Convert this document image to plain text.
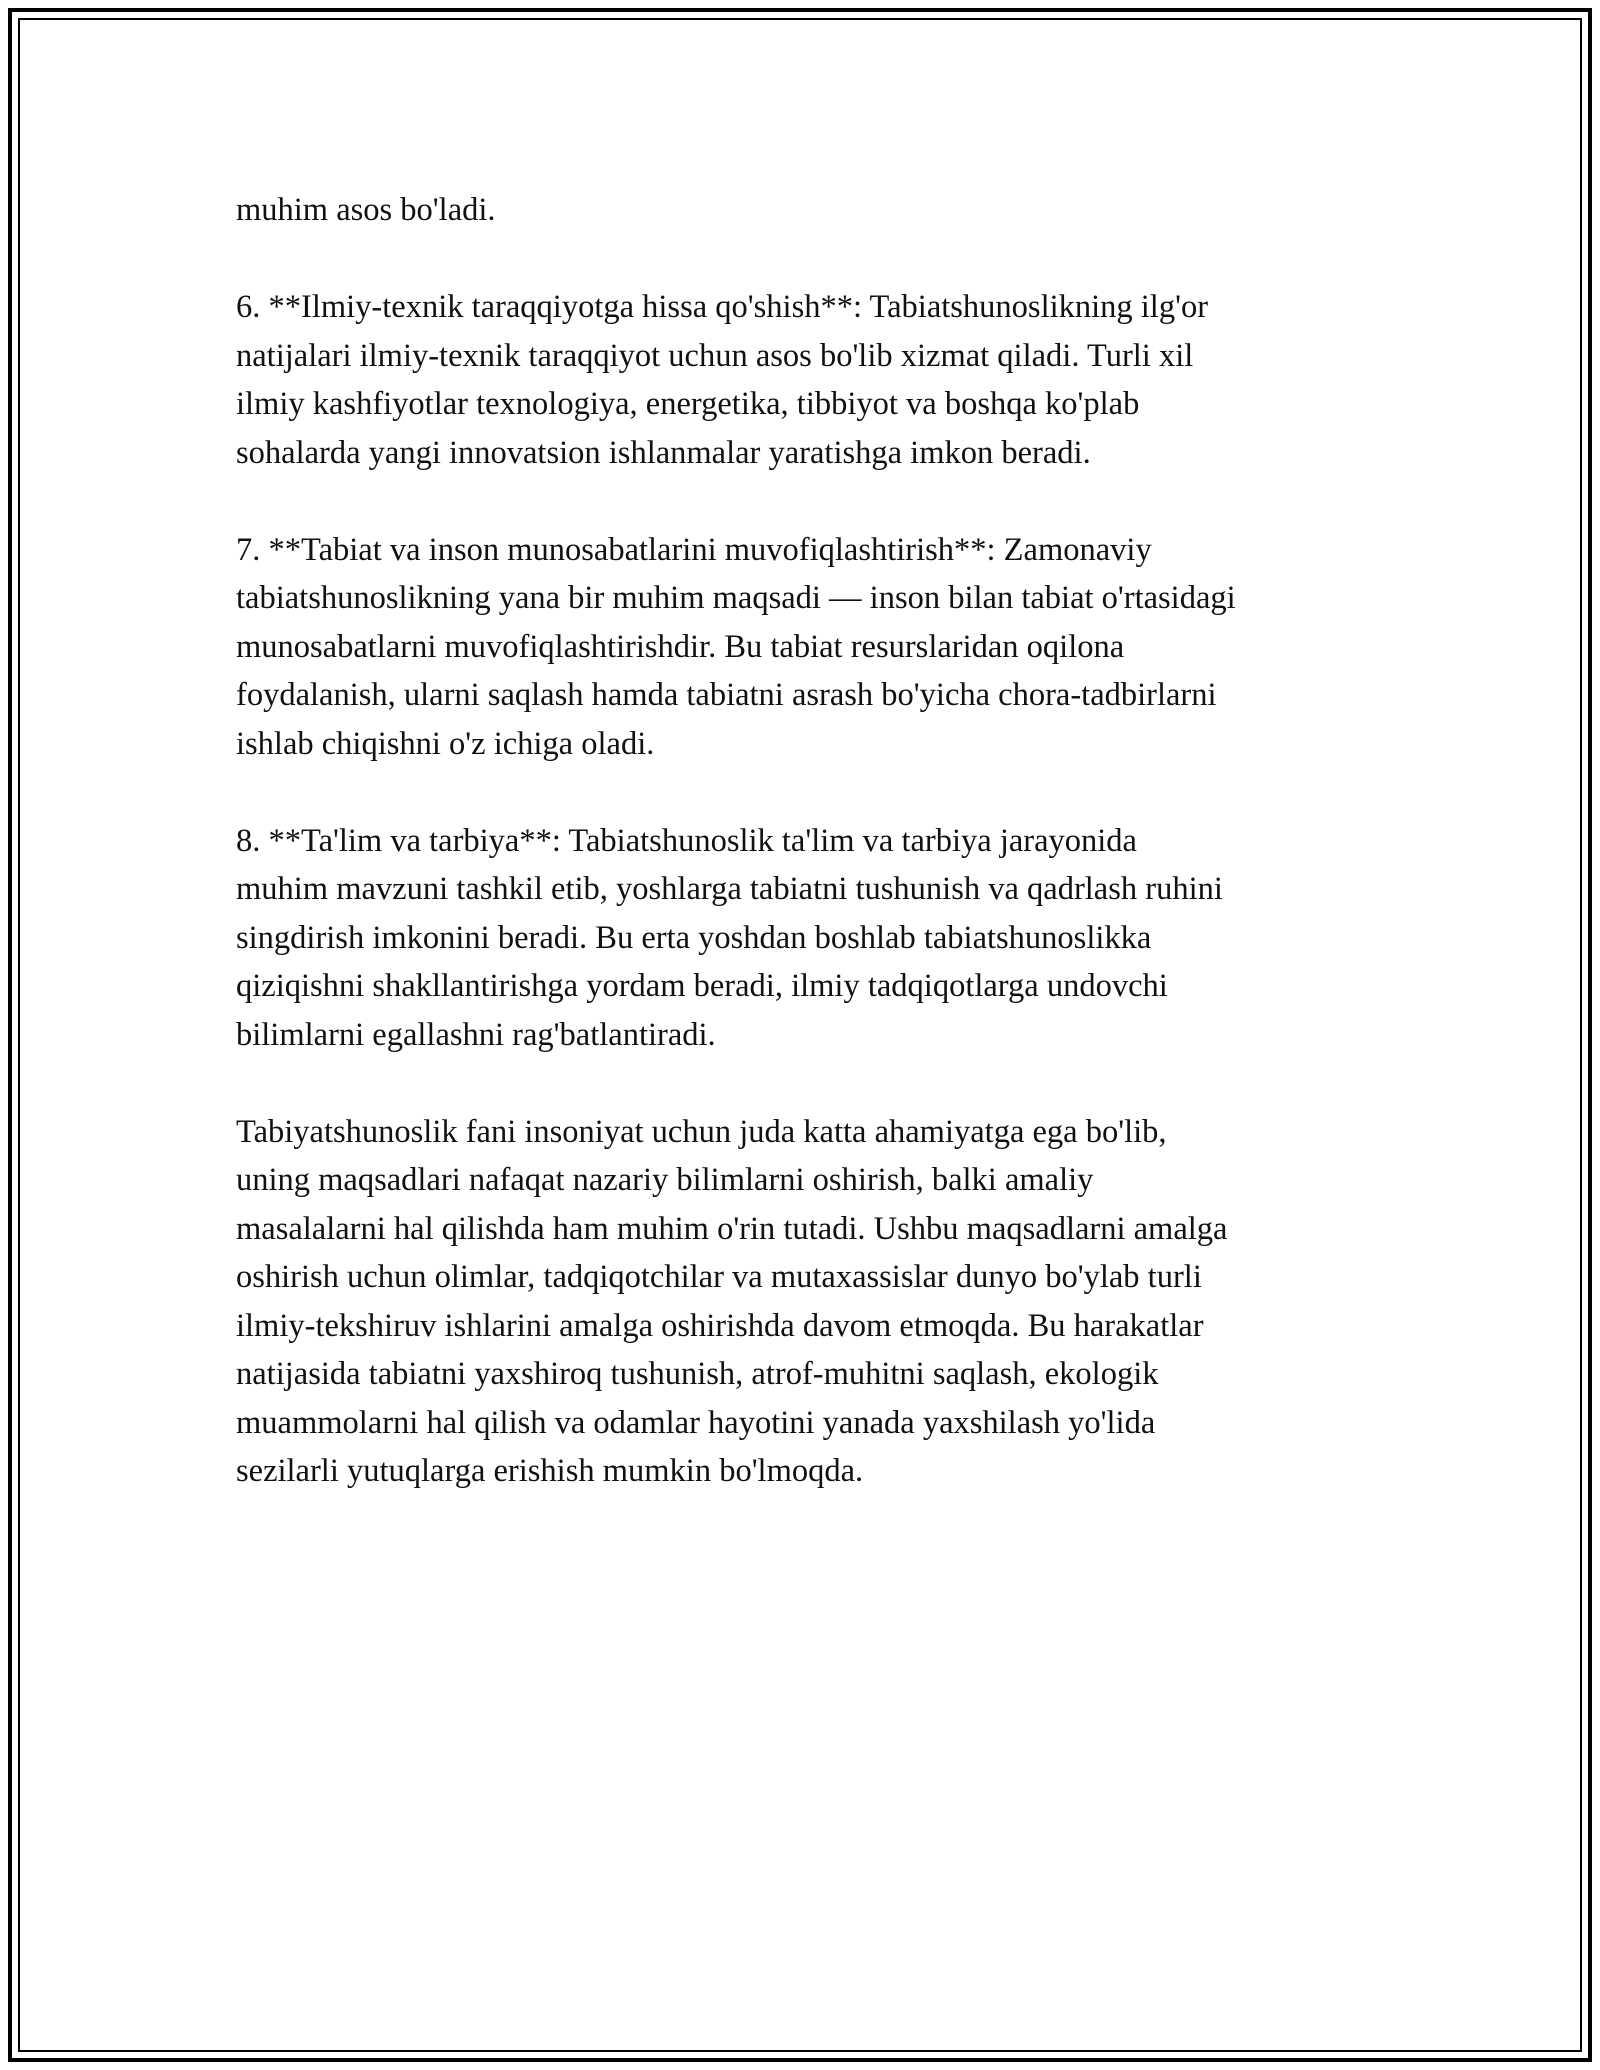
muhim asos bo'ladi.

6. **Ilmiy-texnik taraqqiyotga hissa qo'shish**: Tabiatshunoslikning ilg'or
natijalari ilmiy-texnik taraqqiyot uchun asos bo'lib xizmat qiladi. Turli xil
ilmiy kashfiyotlar texnologiya, energetika, tibbiyot va boshqa ko'plab
sohalarda yangi innovatsion ishlanmalar yaratishga imkon beradi.

7. **Tabiat va inson munosabatlarini muvofiqlashtirish**: Zamonaviy
tabiatshunoslikning yana bir muhim maqsadi — inson bilan tabiat o'rtasidagi
munosabatlarni muvofiqlashtirishdir. Bu tabiat resurslaridan oqilona
foydalanish, ularni saqlash hamda tabiatni asrash bo'yicha chora-tadbirlarni
ishlab chiqishni o'z ichiga oladi.

8. **Ta'lim va tarbiya**: Tabiatshunoslik ta'lim va tarbiya jarayonida
muhim mavzuni tashkil etib, yoshlarga tabiatni tushunish va qadrlash ruhini
singdirish imkonini beradi. Bu erta yoshdan boshlab tabiatshunoslikka
qiziqishni shakllantirishga yordam beradi, ilmiy tadqiqotlarga undovchi
bilimlarni egallashni rag'batlantiradi.

Tabiyatshunoslik fani insoniyat uchun juda katta ahamiyatga ega bo'lib,
uning maqsadlari nafaqat nazariy bilimlarni oshirish, balki amaliy
masalalarni hal qilishda ham muhim o'rin tutadi. Ushbu maqsadlarni amalga
oshirish uchun olimlar, tadqiqotchilar va mutaxassislar dunyo bo'ylab turli
ilmiy-tekshiruv ishlarini amalga oshirishda davom etmoqda. Bu harakatlar
natijasida tabiatni yaxshiroq tushunish, atrof-muhitni saqlash, ekologik
muammolarni hal qilish va odamlar hayotini yanada yaxshilash yo'lida
sezilarli yutuqlarga erishish mumkin bo'lmoqda.
